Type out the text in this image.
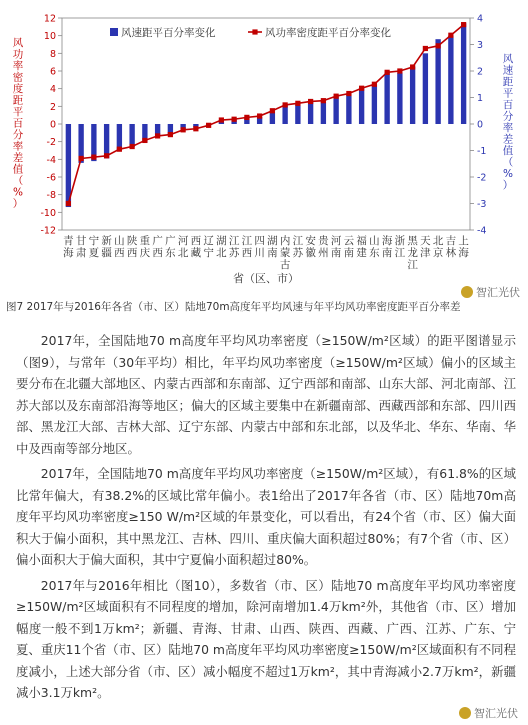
-12
-10
-8
-6
-4
-2
0
2
4
6
8
10
12
-4
-3
-2
-1
0
1
2
3
4
青
海
甘
肃
宁
夏
新
疆
山
西
陕
西
重
庆
广
西
广
东
河
北
西
藏
辽
宁
湖
北
江
苏
江
西
四
川
湖
南
内
蒙
古
江
苏
安
徽
贵
州
河
南
云
南
福
建
山
东
海
南
浙
江
黑
龙
江
天
津
北
京
吉
林
上
海
省（区、市）
风
功
率
密
度
距
平
百
分
率
差
值
（
%
）
风
速
距
平
百
分
率
差
值
（
%
）
风速距平百分率变化	风功率密度距平百分率变化
智汇光伏
图7 2017年与2016年各省（市、区）陆地70m高度年平均风速与年平均风功率密度距平百分率差

2017年，全国陆地70 m高度年平均风功率密度（≥150W/m²区域）的距平图谱显示（图9），与常年（30年平均）相比，年平均风功率密度（≥150W/m²区域）偏小的区域主要分布在北疆大部地区、内蒙古西部和东南部、辽宁西部和南部、山东大部、河北南部、江苏大部以及东南部沿海等地区；偏大的区域主要集中在新疆南部、西藏西部和东部、四川西部、黑龙江大部、吉林大部、辽宁东部、内蒙古中部和东北部，以及华北、华东、华南、华中及西南等部分地区。

2017年，全国陆地70 m高度年平均风功率密度（≥150W/m²区域），有61.8%的区域比常年偏大，有38.2%的区域比常年偏小。表1给出了2017年各省（市、区）陆地70m高度年平均风功率密度≥150 W/m²区域的年景变化，可以看出，有24个省（市、区）偏大面积大于偏小面积，其中黑龙江、吉林、四川、重庆偏大面积超过80%；有7个省（市、区）偏小面积大于偏大面积，其中宁夏偏小面积超过80%。

2017年与2016年相比（图10），多数省（市、区）陆地70 m高度年平均风功率密度≥150W/m²区域面积有不同程度的增加，除河南增加1.4万km²外，其他省（市、区）增加幅度一般不到1万km²；新疆、青海、甘肃、山西、陕西、西藏、广西、江苏、广东、宁夏、重庆11个省（市、区）陆地70 m高度年平均风功率密度≥150W/m²区域面积有不同程度减小，上述大部分省（市、区）减小幅度不超过1万km²，其中青海减小2.7万km²，新疆减小3.1万km²。

智汇光伏
